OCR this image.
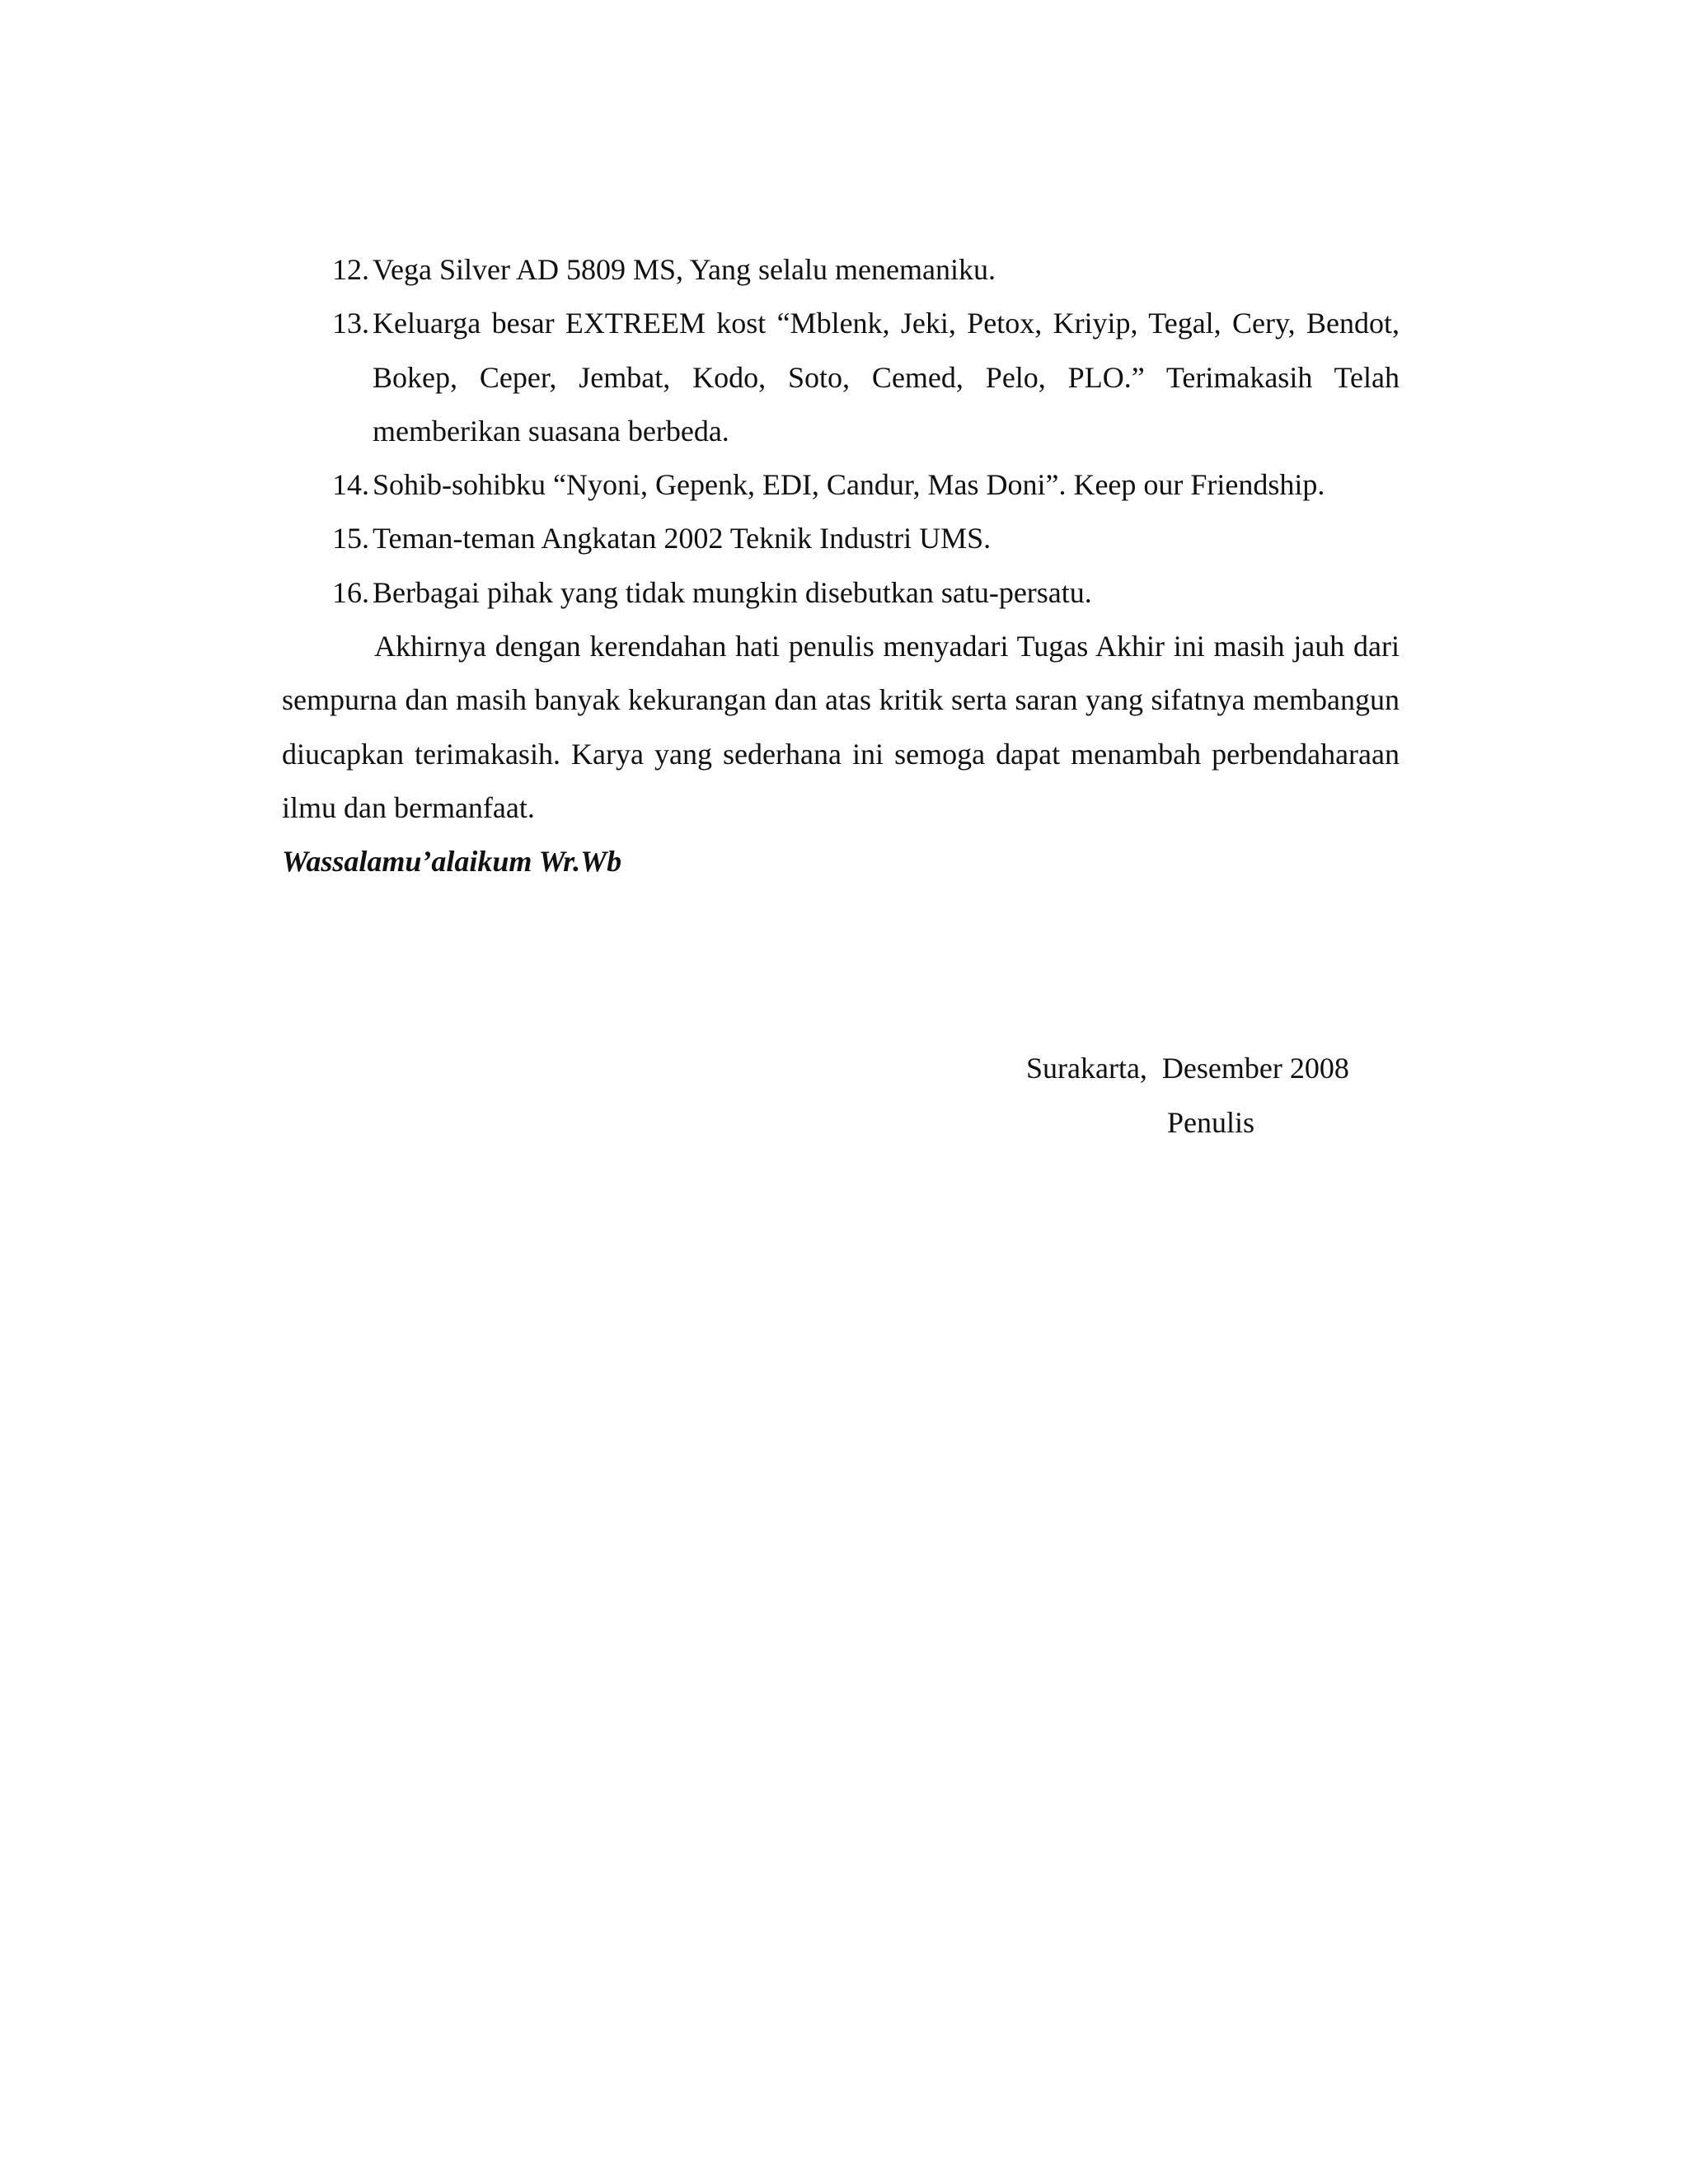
12. Vega Silver AD 5809 MS, Yang selalu menemaniku.
13. Keluarga besar EXTREEM kost “Mblenk, Jeki, Petox, Kriyip, Tegal, Cery, Bendot, Bokep, Ceper, Jembat, Kodo, Soto, Cemed, Pelo, PLO.” Terimakasih Telah memberikan suasana berbeda.
14. Sohib-sohibku “Nyoni, Gepenk, EDI, Candur, Mas Doni”. Keep our Friendship.
15. Teman-teman Angkatan 2002 Teknik Industri UMS.
16. Berbagai pihak yang tidak mungkin disebutkan satu-persatu.

Akhirnya dengan kerendahan hati penulis menyadari Tugas Akhir ini masih jauh dari sempurna dan masih banyak kekurangan dan atas kritik serta saran yang sifatnya membangun diucapkan terimakasih. Karya yang sederhana ini semoga dapat menambah perbendaharaan ilmu dan bermanfaat.

Wassalamu’alaikum Wr.Wb

Surakarta,  Desember 2008
Penulis
